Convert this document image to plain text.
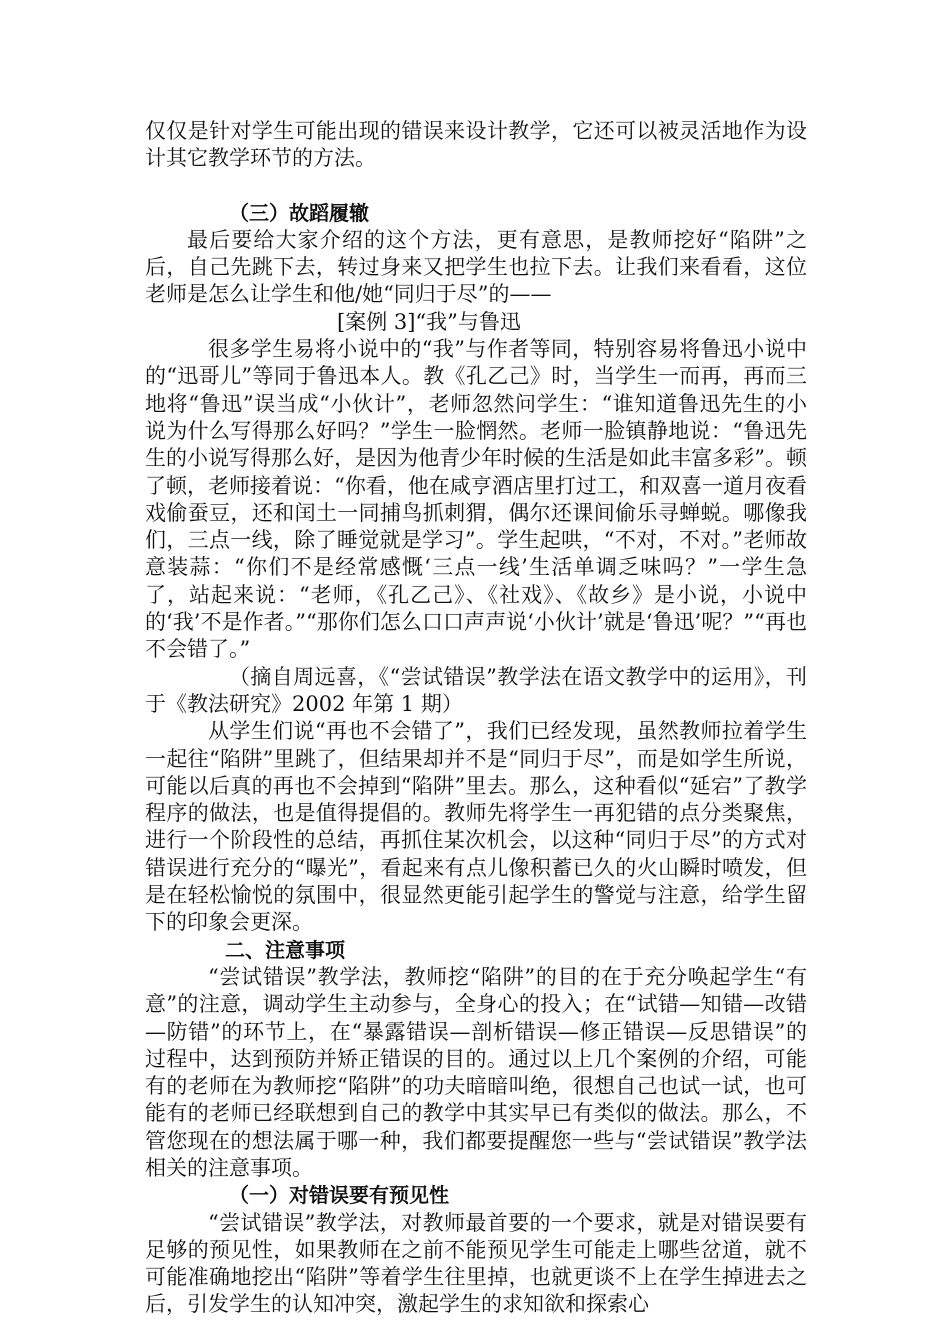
仅仅是针对学生可能出现的错误来设计教学，它还可以被灵活地作为设计其它教学环节的方法。

（三）故蹈履辙

最后要给大家介绍的这个方法，更有意思，是教师挖好“陷阱”之后，自己先跳下去，转过身来又把学生也拉下去。让我们来看看，这位老师是怎么让学生和他/她“同归于尽”的——

[案例 3]“我”与鲁迅

很多学生易将小说中的“我”与作者等同，特别容易将鲁迅小说中的“迅哥儿”等同于鲁迅本人。教《孔乙己》时，当学生一而再，再而三地将“鲁迅”误当成“小伙计”，老师忽然问学生：“谁知道鲁迅先生的小说为什么写得那么好吗？”学生一脸惘然。老师一脸镇静地说：“鲁迅先生的小说写得那么好，是因为他青少年时候的生活是如此丰富多彩”。顿了顿，老师接着说：“你看，他在咸亨酒店里打过工，和双喜一道月夜看戏偷蚕豆，还和闰土一同捕鸟抓刺猬，偶尔还课间偷乐寻蝉蜕。哪像我们，三点一线，除了睡觉就是学习”。学生起哄，“不对，不对。”老师故意装蒜：“你们不是经常感慨‘三点一线’生活单调乏味吗？”一学生急了，站起来说：“老师，《孔乙己》、《社戏》、《故乡》是小说，小说中的‘我’不是作者。”“那你们怎么口口声声说‘小伙计’就是‘鲁迅’呢？”“再也不会错了。”

（摘自周远喜，《“尝试错误”教学法在语文教学中的运用》，刊于《教法研究》2002 年第 1 期）

从学生们说“再也不会错了”，我们已经发现，虽然教师拉着学生一起往“陷阱”里跳了，但结果却并不是“同归于尽”，而是如学生所说，可能以后真的再也不会掉到“陷阱”里去。那么，这种看似“延宕”了教学程序的做法，也是值得提倡的。教师先将学生一再犯错的点分类聚焦，进行一个阶段性的总结，再抓住某次机会，以这种“同归于尽”的方式对错误进行充分的“曝光”，看起来有点儿像积蓄已久的火山瞬时喷发，但是在轻松愉悦的氛围中，很显然更能引起学生的警觉与注意，给学生留下的印象会更深。

二、注意事项

“尝试错误”教学法，教师挖“陷阱”的目的在于充分唤起学生“有意”的注意，调动学生主动参与，全身心的投入；在“试错—知错—改错—防错”的环节上，在“暴露错误—剖析错误—修正错误—反思错误”的过程中，达到预防并矫正错误的目的。通过以上几个案例的介绍，可能有的老师在为教师挖“陷阱”的功夫暗暗叫绝，很想自己也试一试，也可能有的老师已经联想到自己的教学中其实早已有类似的做法。那么，不管您现在的想法属于哪一种，我们都要提醒您一些与“尝试错误”教学法相关的注意事项。

（一）对错误要有预见性

“尝试错误”教学法，对教师最首要的一个要求，就是对错误要有足够的预见性，如果教师在之前不能预见学生可能走上哪些岔道，就不可能准确地挖出“陷阱”等着学生往里掉，也就更谈不上在学生掉进去之后，引发学生的认知冲突，激起学生的求知欲和探索心
